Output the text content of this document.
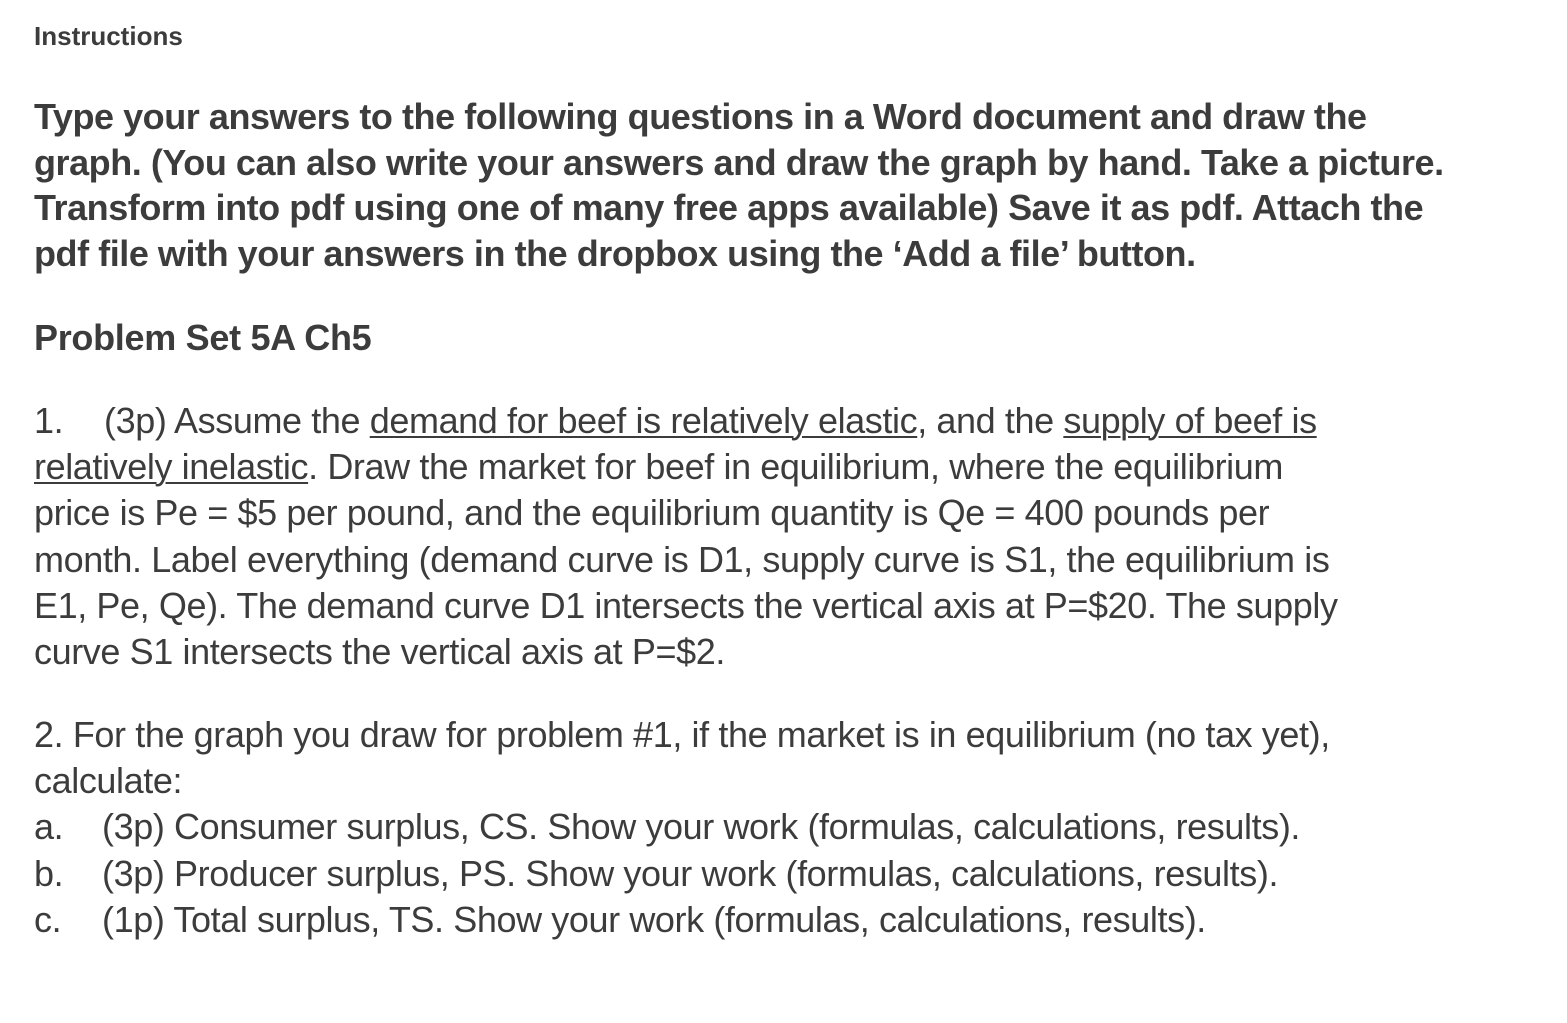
Instructions
Type your answers to the following questions in a Word document and draw the
graph. (You can also write your answers and draw the graph by hand. Take a picture.
Transform into pdf using one of many free apps available) Save it as pdf. Attach the
pdf file with your answers in the dropbox using the ‘Add a file’ button.
Problem Set 5A Ch5
1. (3p) Assume the demand for beef is relatively elastic, and the supply of beef is
relatively inelastic. Draw the market for beef in equilibrium, where the equilibrium
price is Pe = $5 per pound, and the equilibrium quantity is Qe = 400 pounds per
month. Label everything (demand curve is D1, supply curve is S1, the equilibrium is
E1, Pe, Qe). The demand curve D1 intersects the vertical axis at P=$20. The supply
curve S1 intersects the vertical axis at P=$2.
2. For the graph you draw for problem #1, if the market is in equilibrium (no tax yet),
calculate:
a. (3p) Consumer surplus, CS. Show your work (formulas, calculations, results).
b. (3p) Producer surplus, PS. Show your work (formulas, calculations, results).
c. (1p) Total surplus, TS. Show your work (formulas, calculations, results).
